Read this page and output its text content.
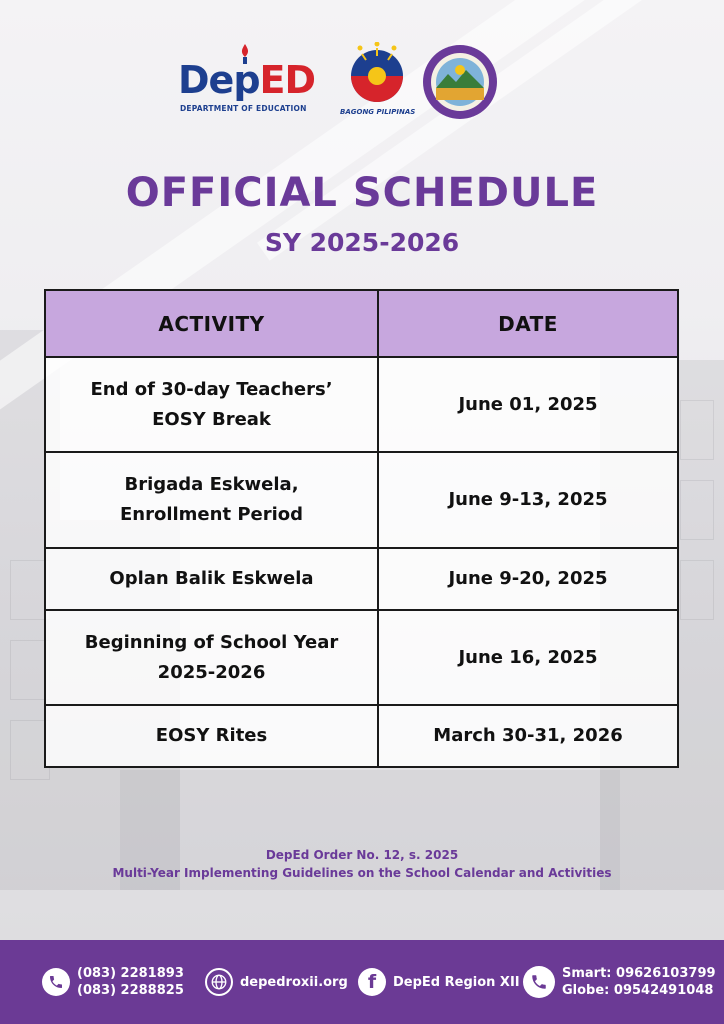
DepED
DEPARTMENT OF EDUCATION	BAGONG PILIPINAS
OFFICIAL SCHEDULE
SY 2025-2026
ACTIVITY	DATE
End of 30-day Teachers’
EOSY Break	June 01, 2025
Brigada Eskwela,
Enrollment Period	June 9-13, 2025
Oplan Balik Eskwela	June 9-20, 2025
Beginning of School Year
2025-2026	June 16, 2025
EOSY Rites	March 30-31, 2026
DepEd Order No. 12, s. 2025
Multi-Year Implementing Guidelines on the School Calendar and Activities
(083) 2281893
(083) 2288825
depedroxii.org f DepEd Region XII
Smart: 09626103799
Globe: 09542491048
